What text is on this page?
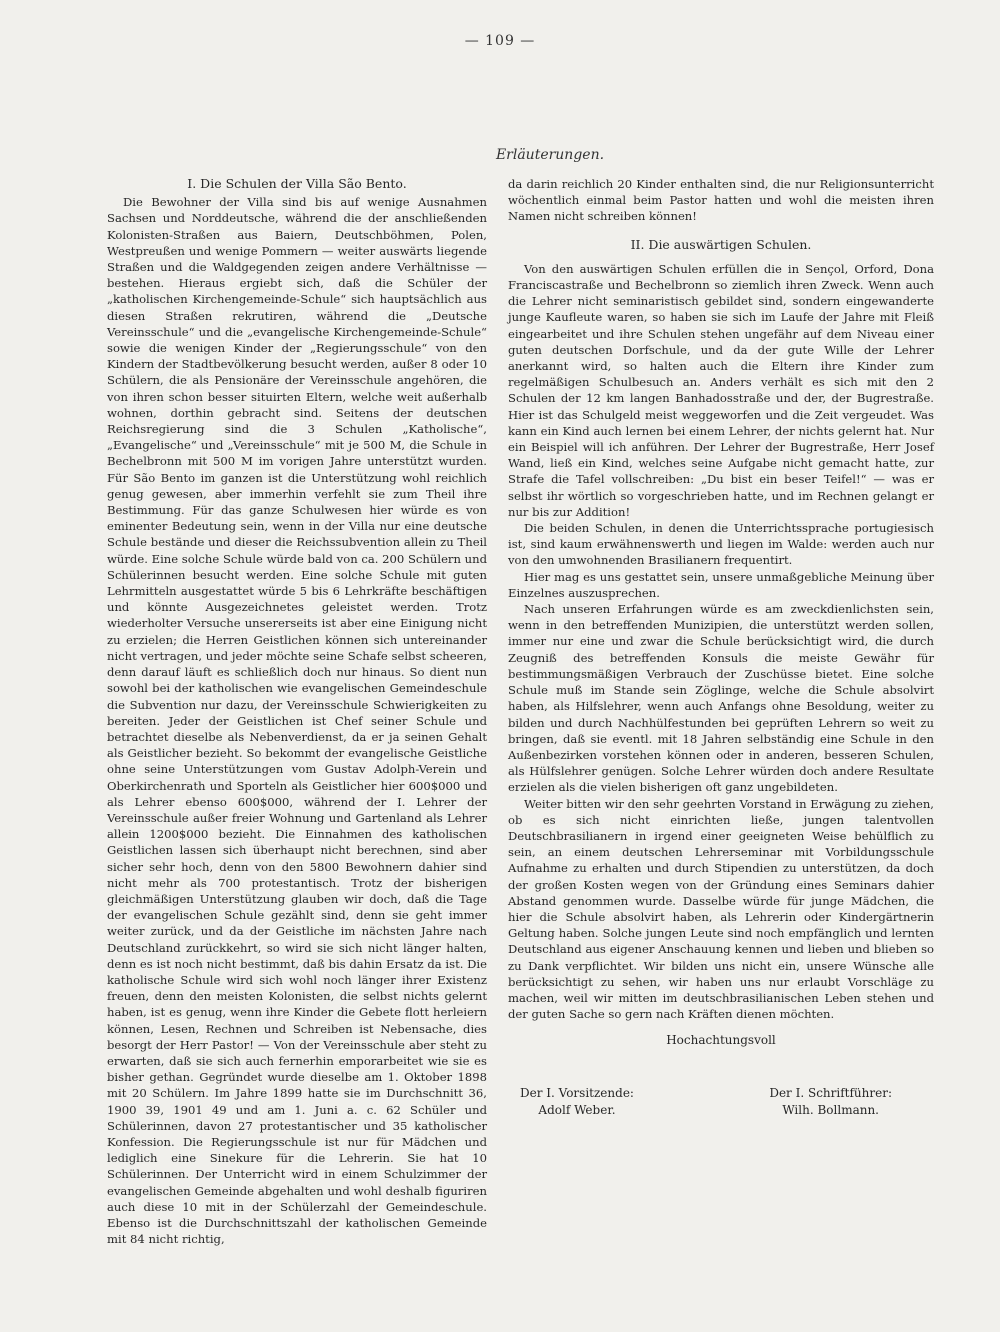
— 109 —
Erläuterungen.
I. Die Schulen der Villa São Bento.

Die Bewohner der Villa sind bis auf wenige Ausnahmen Sachsen und Norddeutsche, während die der anschließenden Kolonisten-Straßen aus Baiern, Deutschböhmen, Polen, Westpreußen und wenige Pommern — weiter auswärts liegende Straßen und die Waldgegenden zeigen andere Verhältnisse — bestehen. Hieraus ergiebt sich, daß die Schüler der „katholischen Kirchengemeinde-Schule“ sich hauptsächlich aus diesen Straßen rekrutiren, während die „Deutsche Vereinsschule“ und die „evangelische Kirchengemeinde-Schule“ sowie die wenigen Kinder der „Regierungsschule“ von den Kindern der Stadtbevölkerung besucht werden, außer 8 oder 10 Schülern, die als Pensionäre der Vereinsschule angehören, die von ihren schon besser situirten Eltern, welche weit außerhalb wohnen, dorthin gebracht sind. Seitens der deutschen Reichsregierung sind die 3 Schulen „Katholische“, „Evangelische“ und „Vereinsschule“ mit je 500 M, die Schule in Bechelbronn mit 500 M im vorigen Jahre unterstützt wurden. Für São Bento im ganzen ist die Unterstützung wohl reichlich genug gewesen, aber immerhin verfehlt sie zum Theil ihre Bestimmung. Für das ganze Schulwesen hier würde es von eminenter Bedeutung sein, wenn in der Villa nur eine deutsche Schule bestände und dieser die Reichssubvention allein zu Theil würde. Eine solche Schule würde bald von ca. 200 Schülern und Schülerinnen besucht werden. Eine solche Schule mit guten Lehrmitteln ausgestattet würde 5 bis 6 Lehrkräfte beschäftigen und könnte Ausgezeichnetes geleistet werden. Trotz wiederholter Versuche unsererseits ist aber eine Einigung nicht zu erzielen; die Herren Geistlichen können sich untereinander nicht vertragen, und jeder möchte seine Schafe selbst scheeren, denn darauf läuft es schließlich doch nur hinaus. So dient nun sowohl bei der katholischen wie evangelischen Gemeindeschule die Subvention nur dazu, der Vereinsschule Schwierigkeiten zu bereiten. Jeder der Geistlichen ist Chef seiner Schule und betrachtet dieselbe als Nebenverdienst, da er ja seinen Gehalt als Geistlicher bezieht. So bekommt der evangelische Geistliche ohne seine Unterstützungen vom Gustav Adolph-Verein und Oberkirchenrath und Sporteln als Geistlicher hier 600$000 und als Lehrer ebenso 600$000, während der I. Lehrer der Vereinsschule außer freier Wohnung und Gartenland als Lehrer allein 1200$000 bezieht. Die Einnahmen des katholischen Geistlichen lassen sich überhaupt nicht berechnen, sind aber sicher sehr hoch, denn von den 5800 Bewohnern dahier sind nicht mehr als 700 protestantisch. Trotz der bisherigen gleichmäßigen Unterstützung glauben wir doch, daß die Tage der evangelischen Schule gezählt sind, denn sie geht immer weiter zurück, und da der Geistliche im nächsten Jahre nach Deutschland zurückkehrt, so wird sie sich nicht länger halten, denn es ist noch nicht bestimmt, daß bis dahin Ersatz da ist. Die katholische Schule wird sich wohl noch länger ihrer Existenz freuen, denn den meisten Kolonisten, die selbst nichts gelernt haben, ist es genug, wenn ihre Kinder die Gebete flott herleiern können, Lesen, Rechnen und Schreiben ist Nebensache, dies besorgt der Herr Pastor! — Von der Vereinsschule aber steht zu erwarten, daß sie sich auch fernerhin emporarbeitet wie sie es bisher gethan. Gegründet wurde dieselbe am 1. Oktober 1898 mit 20 Schülern. Im Jahre 1899 hatte sie im Durchschnitt 36, 1900 39, 1901 49 und am 1. Juni a. c. 62 Schüler und Schülerinnen, davon 27 protestantischer und 35 katholischer Konfession. Die Regierungsschule ist nur für Mädchen und lediglich eine Sinekure für die Lehrerin. Sie hat 10 Schülerinnen. Der Unterricht wird in einem Schulzimmer der evangelischen Gemeinde abgehalten und wohl deshalb figuriren auch diese 10 mit in der Schülerzahl der Gemeindeschule. Ebenso ist die Durchschnittszahl der katholischen Gemeinde mit 84 nicht richtig,

da darin reichlich 20 Kinder enthalten sind, die nur Religionsunterricht wöchentlich einmal beim Pastor hatten und wohl die meisten ihren Namen nicht schreiben können!

II. Die auswärtigen Schulen.

Von den auswärtigen Schulen erfüllen die in Sençol, Orford, Dona Franciscastraße und Bechelbronn so ziemlich ihren Zweck. Wenn auch die Lehrer nicht seminaristisch gebildet sind, sondern eingewanderte junge Kaufleute waren, so haben sie sich im Laufe der Jahre mit Fleiß eingearbeitet und ihre Schulen stehen ungefähr auf dem Niveau einer guten deutschen Dorfschule, und da der gute Wille der Lehrer anerkannt wird, so halten auch die Eltern ihre Kinder zum regelmäßigen Schulbesuch an. Anders verhält es sich mit den 2 Schulen der 12 km langen Banhadosstraße und der, der Bugrestraße. Hier ist das Schulgeld meist weggeworfen und die Zeit vergeudet. Was kann ein Kind auch lernen bei einem Lehrer, der nichts gelernt hat. Nur ein Beispiel will ich anführen. Der Lehrer der Bugrestraße, Herr Josef Wand, ließ ein Kind, welches seine Aufgabe nicht gemacht hatte, zur Strafe die Tafel vollschreiben: „Du bist ein beser Teifel!“ — was er selbst ihr wörtlich so vorgeschrieben hatte, und im Rechnen gelangt er nur bis zur Addition!

Die beiden Schulen, in denen die Unterrichtssprache portugiesisch ist, sind kaum erwähnenswerth und liegen im Walde: werden auch nur von den umwohnenden Brasilianern frequentirt.

Hier mag es uns gestattet sein, unsere unmaßgebliche Meinung über Einzelnes auszusprechen.

Nach unseren Erfahrungen würde es am zweckdienlichsten sein, wenn in den betreffenden Munizipien, die unterstützt werden sollen, immer nur eine und zwar die Schule berücksichtigt wird, die durch Zeugniß des betreffenden Konsuls die meiste Gewähr für bestimmungsmäßigen Verbrauch der Zuschüsse bietet. Eine solche Schule muß im Stande sein Zöglinge, welche die Schule absolvirt haben, als Hilfslehrer, wenn auch Anfangs ohne Besoldung, weiter zu bilden und durch Nachhülfestunden bei geprüften Lehrern so weit zu bringen, daß sie eventl. mit 18 Jahren selbständig eine Schule in den Außenbezirken vorstehen können oder in anderen, besseren Schulen, als Hülfslehrer genügen. Solche Lehrer würden doch andere Resultate erzielen als die vielen bisherigen oft ganz ungebildeten.

Weiter bitten wir den sehr geehrten Vorstand in Erwägung zu ziehen, ob es sich nicht einrichten ließe, jungen talentvollen Deutschbrasilianern in irgend einer geeigneten Weise behülflich zu sein, an einem deutschen Lehrerseminar mit Vorbildungsschule Aufnahme zu erhalten und durch Stipendien zu unterstützen, da doch der großen Kosten wegen von der Gründung eines Seminars dahier Abstand genommen wurde. Dasselbe würde für junge Mädchen, die hier die Schule absolvirt haben, als Lehrerin oder Kindergärtnerin Geltung haben. Solche jungen Leute sind noch empfänglich und lernten Deutschland aus eigener Anschauung kennen und lieben und blieben so zu Dank verpflichtet. Wir bilden uns nicht ein, unsere Wünsche alle berücksichtigt zu sehen, wir haben uns nur erlaubt Vorschläge zu machen, weil wir mitten im deutschbrasilianischen Leben stehen und der guten Sache so gern nach Kräften dienen möchten.

Hochachtungsvoll
Der I. Vorsitzende:
Adolf Weber.
Der I. Schriftführer:
Wilh. Bollmann.
